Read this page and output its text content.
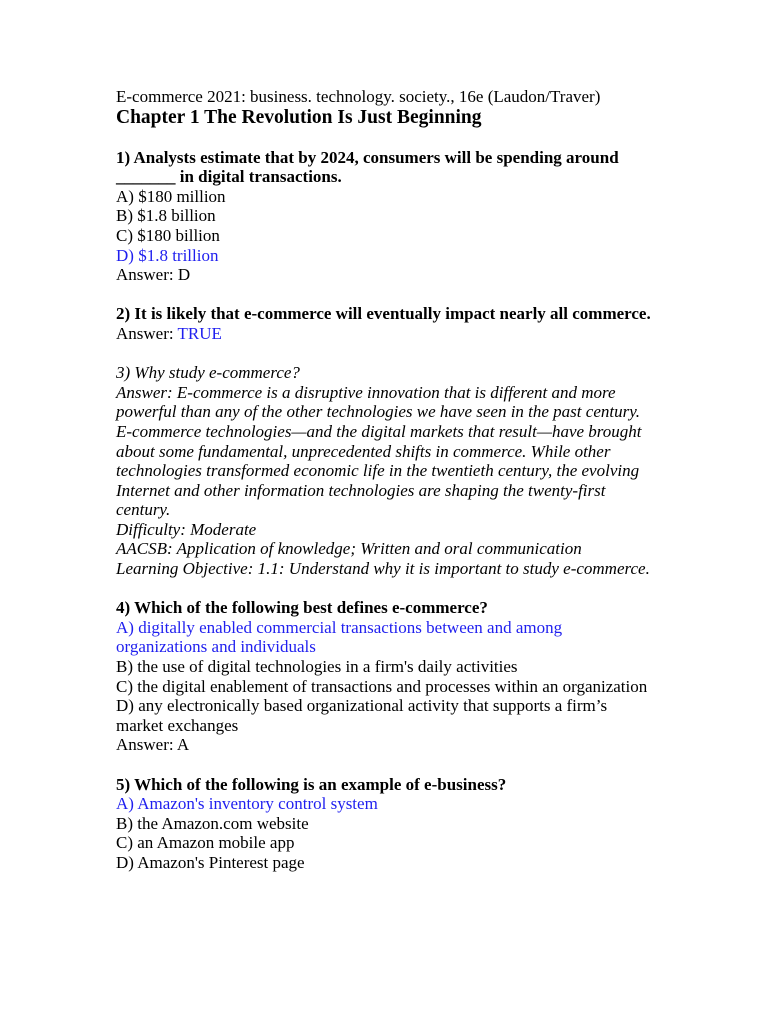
E-commerce 2021: business. technology. society., 16e (Laudon/Traver)

Chapter 1 The Revolution Is Just Beginning

1) Analysts estimate that by 2024, consumers will be spending around _______ in digital transactions.

A) $180 million

B) $1.8 billion

C) $180 billion

D) $1.8 trillion

Answer: D

2) It is likely that e-commerce will eventually impact nearly all commerce.

Answer: TRUE

3) Why study e-commerce?

Answer: E-commerce is a disruptive innovation that is different and more powerful than any of the other technologies we have seen in the past century. E-commerce technologies—and the digital markets that result—have brought about some fundamental, unprecedented shifts in commerce. While other technologies transformed economic life in the twentieth century, the evolving Internet and other information technologies are shaping the twenty-first century.

Difficulty: Moderate

AACSB: Application of knowledge; Written and oral communication

Learning Objective: 1.1: Understand why it is important to study e-commerce.

4) Which of the following best defines e-commerce?

A) digitally enabled commercial transactions between and among organizations and individuals

B) the use of digital technologies in a firm's daily activities

C) the digital enablement of transactions and processes within an organization

D) any electronically based organizational activity that supports a firm’s market exchanges

Answer: A

5) Which of the following is an example of e-business?

A) Amazon's inventory control system

B) the Amazon.com website

C) an Amazon mobile app

D) Amazon's Pinterest page
